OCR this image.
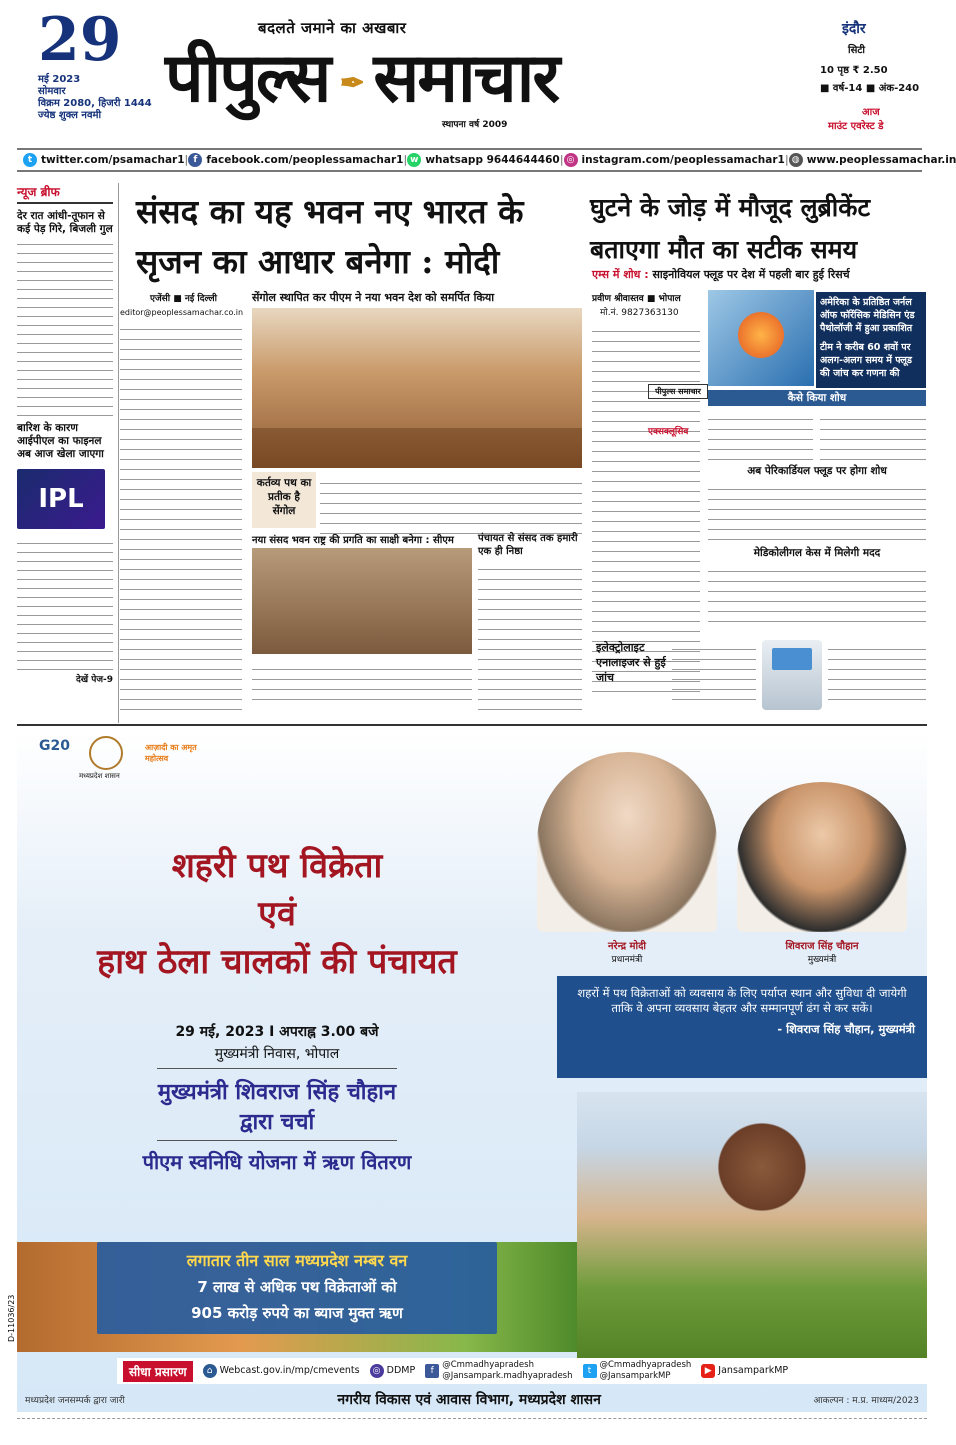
29
मई 2023
सोमवार
विक्रम 2080, हिजरी 1444
ज्येष्ठ शुक्ल नवमी
बदलते जमाने का अखबार
पीपुल्स ✒ समाचार
स्थापना वर्ष 2009
इंदौर
सिटी
10 पृष्ठ ₹ 2.50
■ वर्ष-14 ■ अंक-240
आज
माउंट एवरेस्ट डे
t twitter.com/psamachar1 | f facebook.com/peoplessamachar1 | w whatsapp 9644644460 | ◎ instagram.com/peoplessamachar1 | ◍ www.peoplessamachar.in
न्यूज ब्रीफ
देर रात आंधी-तूफान से कई पेड़ गिरे, बिजली गुल
बारिश के कारण आईपीएल का फाइनल अब आज खेला जाएगा
IPL
देखें पेज-9
संसद का यह भवन नए भारत के सृजन का आधार बनेगा : मोदी
एजेंसी ■ नई दिल्ली
editor@peoplessamachar.co.in
सेंगोल स्थापित कर पीएम ने नया भवन देश को समर्पित किया
कर्तव्य पथ का प्रतीक है सेंगोल
नया संसद भवन राष्ट्र की प्रगति का साक्षी बनेगा : सीएम	पंचायत से संसद तक हमारी एक ही निष्ठा
घुटने के जोड़ में मौजूद लुब्रीकेंट बताएगा मौत का सटीक समय
एम्स में शोध : साइनोवियल फ्लूड पर देश में पहली बार हुई रिसर्च
प्रवीण श्रीवास्तव ■ भोपाल
मो.नं. 9827363130
पीपुल्स समाचार
एक्सक्लूसिव
अमेरिका के प्रतिष्ठित जर्नल ऑफ फॉरेंसिक मेडिसिन एंड पैथोलॉजी में हुआ प्रकाशित
टीम ने करीब 60 शवों पर अलग-अलग समय में फ्लूड की जांच कर गणना की
कैसे किया शोध
अब पेरिकार्डियल फ्लूड पर होगा शोध
मेडिकोलीगल केस में मिलेगी मदद
इलेक्ट्रोलाइट एनालाइजर से हुई जांच
G20
मध्यप्रदेश शासन
आज़ादी का अमृत महोत्सव
शहरी पथ विक्रेता
एवं
हाथ ठेला चालकों की पंचायत
29 मई, 2023 I अपराह्न 3.00 बजे
मुख्यमंत्री निवास, भोपाल
मुख्यमंत्री शिवराज सिंह चौहान
द्वारा चर्चा
पीएम स्वनिधि योजना में ऋण वितरण
नरेन्द्र मोदी
प्रधानमंत्री
शिवराज सिंह चौहान
मुख्यमंत्री
शहरों में पथ विक्रेताओं को व्यवसाय के लिए पर्याप्त स्थान और सुविधा दी जायेगी ताकि वे अपना व्यवसाय बेहतर और सम्मानपूर्ण ढंग से कर सकें।
- शिवराज सिंह चौहान, मुख्यमंत्री
लगातार तीन साल मध्यप्रदेश नम्बर वन
7 लाख से अधिक पथ विक्रेताओं को
905 करोड़ रुपये का ब्याज मुक्त ऋण
D-11036/23
सीधा प्रसारण	⌂ Webcast.gov.in/mp/cmevents	◎ DDMP	f
@Cmmadhyapradesh
@Jansampark.madhyapradesh	t
@Cmmadhyapradesh
@JansamparkMP	▶ JansamparkMP
मध्यप्रदेश जनसम्पर्क द्वारा जारी	नगरीय विकास एवं आवास विभाग, मध्यप्रदेश शासन	आकल्पन : म.प्र. माध्यम/2023
